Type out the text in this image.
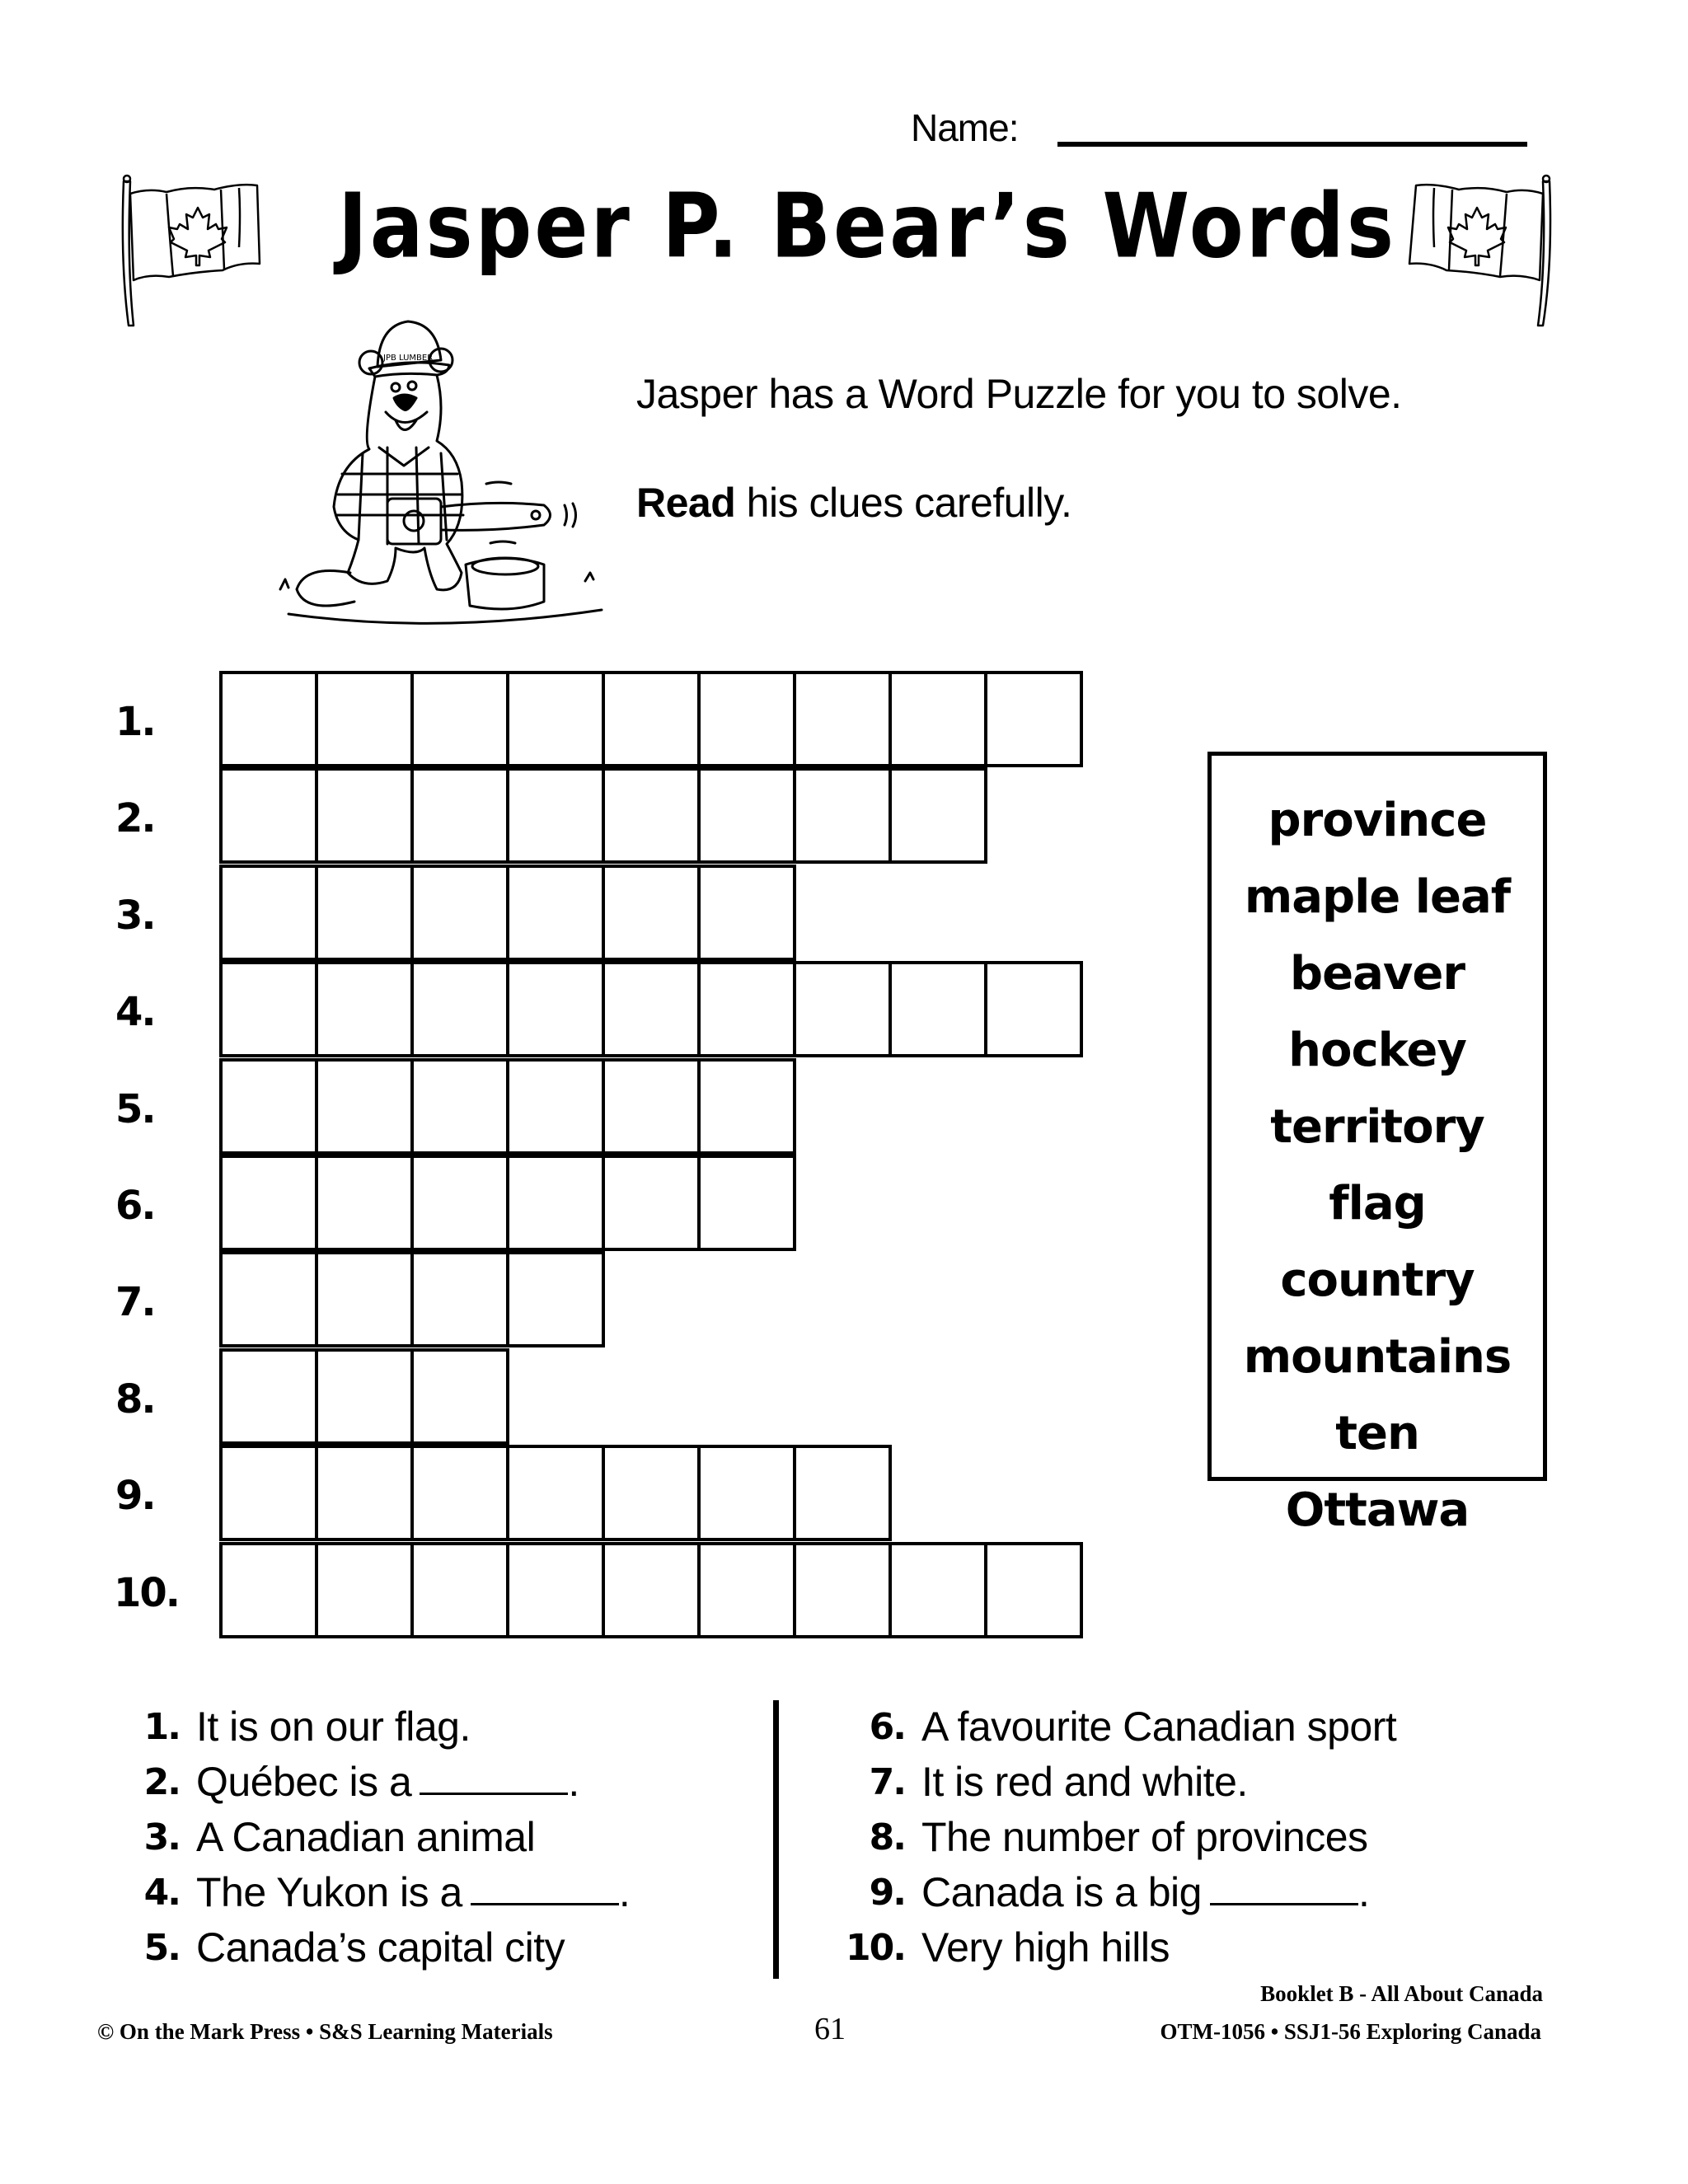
Name:
Jasper P. Bear’s Words
JPB LUMBER

Jasper has a Word Puzzle for you to solve.

Read his clues carefully.

1.
2.
3.
4.
5.
6.
7.
8.
9.
10.
province
maple leaf
beaver
hockey
territory
flag
country
mountains
ten
Ottawa
1. It is on our flag.
2. Québec is a	.
3. A Canadian animal
4. The Yukon is a	.
5. Canada’s capital city
6. A favourite Canadian sport
7. It is red and white.
8. The number of provinces
9. Canada is a big	.
10. Very high hills
© On the Mark Press • S&S Learning Materials	61
Booklet B - All About Canada
OTM-1056 • SSJ1-56 Exploring Canada
